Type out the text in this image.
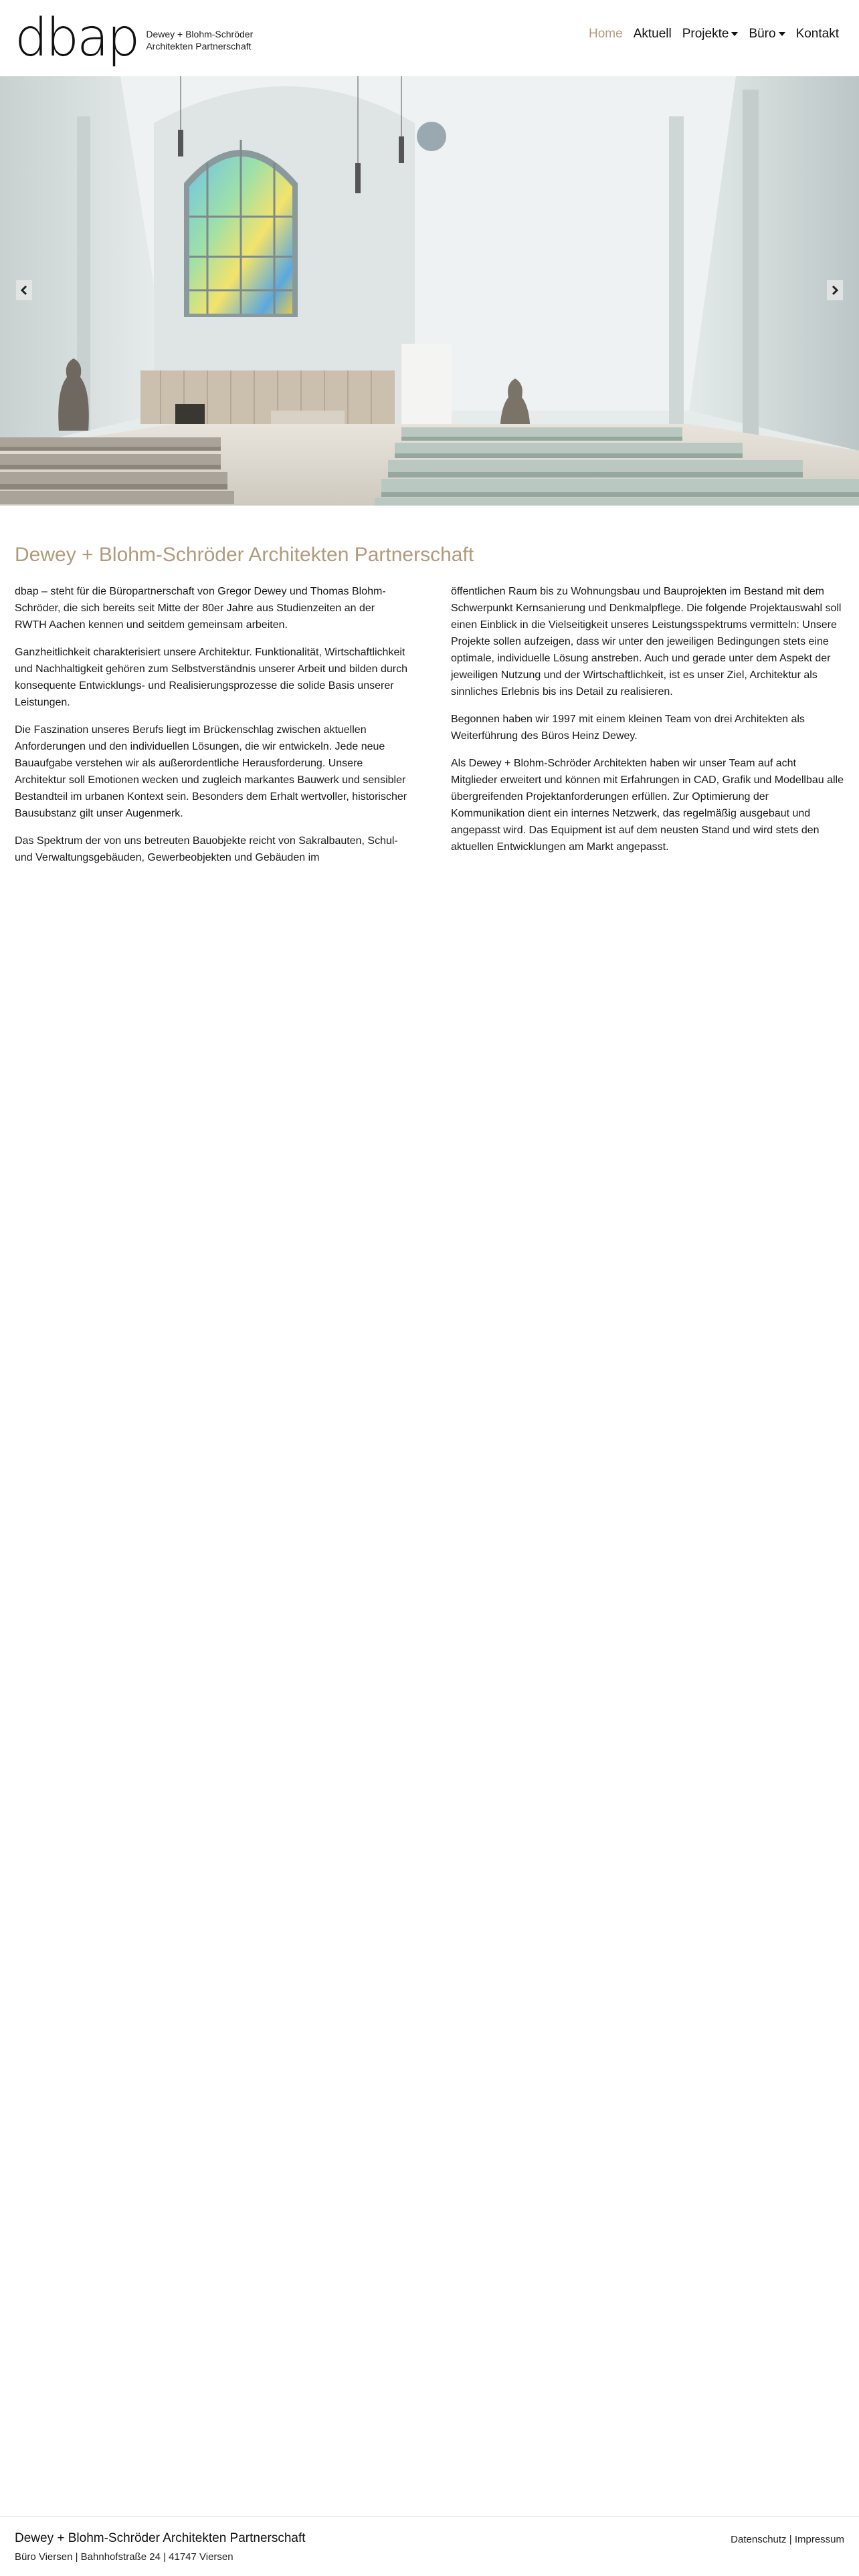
dbap Dewey + Blohm-Schröder
Architekten Partnerschaft
Home Aktuell Projekte Büro Kontakt
Dewey + Blohm-Schröder Architekten Partnerschaft

dbap – steht für die Büropartnerschaft von Gregor Dewey und Thomas Blohm-Schröder, die sich bereits seit Mitte der 80er Jahre aus Studienzeiten an der RWTH Aachen kennen und seitdem gemeinsam arbeiten.

Ganzheitlichkeit charakterisiert unsere Architektur. Funktionalität, Wirtschaftlichkeit und Nachhaltigkeit gehören zum Selbstverständnis unserer Arbeit und bilden durch konsequente Entwicklungs- und Realisierungsprozesse die solide Basis unserer Leistungen.

Die Faszination unseres Berufs liegt im Brückenschlag zwischen aktuellen Anforderungen und den individuellen Lösungen, die wir entwickeln. Jede neue Bauaufgabe verstehen wir als außerordentliche Herausforderung. Unsere Architektur soll Emotionen wecken und zugleich markantes Bauwerk und sensibler Bestandteil im urbanen Kontext sein. Besonders dem Erhalt wertvoller, historischer Bausubstanz gilt unser Augenmerk.

Das Spektrum der von uns betreuten Bauobjekte reicht von Sakralbauten, Schul- und Verwaltungsgebäuden, Gewerbeobjekten und Gebäuden im

öffentlichen Raum bis zu Wohnungsbau und Bauprojekten im Bestand mit dem Schwerpunkt Kernsanierung und Denkmalpflege. Die folgende Projektauswahl soll einen Einblick in die Vielseitigkeit unseres Leistungsspektrums vermitteln: Unsere Projekte sollen aufzeigen, dass wir unter den jeweiligen Bedingungen stets eine optimale, individuelle Lösung anstreben. Auch und gerade unter dem Aspekt der jeweiligen Nutzung und der Wirtschaftlichkeit, ist es unser Ziel, Architektur als sinnliches Erlebnis bis ins Detail zu realisieren.

Begonnen haben wir 1997 mit einem kleinen Team von drei Architekten als Weiterführung des Büros Heinz Dewey.

Als Dewey + Blohm-Schröder Architekten haben wir unser Team auf acht Mitglieder erweitert und können mit Erfahrungen in CAD, Grafik und Modellbau alle übergreifenden Projektanforderungen erfüllen. Zur Optimierung der Kommunikation dient ein internes Netzwerk, das regelmäßig ausgebaut und angepasst wird. Das Equipment ist auf dem neusten Stand und wird stets den aktuellen Entwicklungen am Markt angepasst.

Dewey + Blohm-Schröder Architekten Partnerschaft
Büro Viersen | Bahnhofstraße 24 | 41747 Viersen
Datenschutz | Impressum
